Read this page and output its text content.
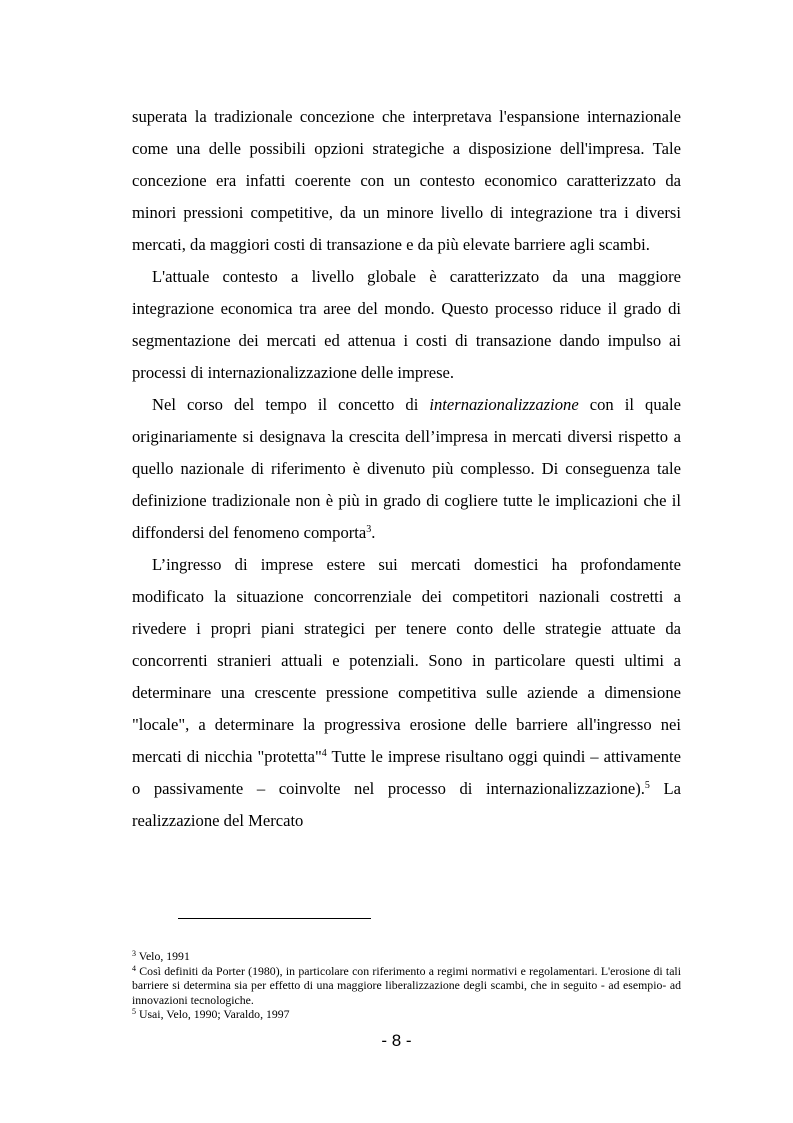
superata la tradizionale concezione che interpretava l'espansione internazionale come una delle possibili opzioni strategiche a disposizione dell'impresa. Tale concezione era infatti coerente con un contesto economico caratterizzato da minori pressioni competitive, da un minore livello di integrazione tra i diversi mercati, da maggiori costi di transazione e da più elevate barriere agli scambi.

L'attuale contesto a livello globale è caratterizzato da una maggiore integrazione economica tra aree del mondo. Questo processo riduce il grado di segmentazione dei mercati ed attenua i costi di transazione dando impulso ai processi di internazionalizzazione delle imprese.

Nel corso del tempo il concetto di internazionalizzazione con il quale originariamente si designava la crescita dell’impresa in mercati diversi rispetto a quello nazionale di riferimento è divenuto più complesso. Di conseguenza tale definizione tradizionale non è più in grado di cogliere tutte le implicazioni che il diffondersi del fenomeno comporta$^3$.

L’ingresso di imprese estere sui mercati domestici ha profondamente modificato la situazione concorrenziale dei competitori nazionali costretti a rivedere i propri piani strategici per tenere conto delle strategie attuate da concorrenti stranieri attuali e potenziali. Sono in particolare questi ultimi a determinare una crescente pressione competitiva sulle aziende a dimensione "locale", a determinare la progressiva erosione delle barriere all'ingresso nei mercati di nicchia "protetta"$^4$ Tutte le imprese risultano oggi quindi – attivamente o passivamente – coinvolte nel processo di internazionalizzazione).$^5$ La realizzazione del Mercato

$^3$ Velo, 1991

$^4$ Così definiti da Porter (1980), in particolare con riferimento a regimi normativi e regolamentari. L'erosione di tali barriere si determina sia per effetto di una maggiore liberalizzazione degli scambi, che in seguito - ad esempio- ad innovazioni tecnologiche.

$^5$ Usai, Velo, 1990; Varaldo, 1997

- 8 -
